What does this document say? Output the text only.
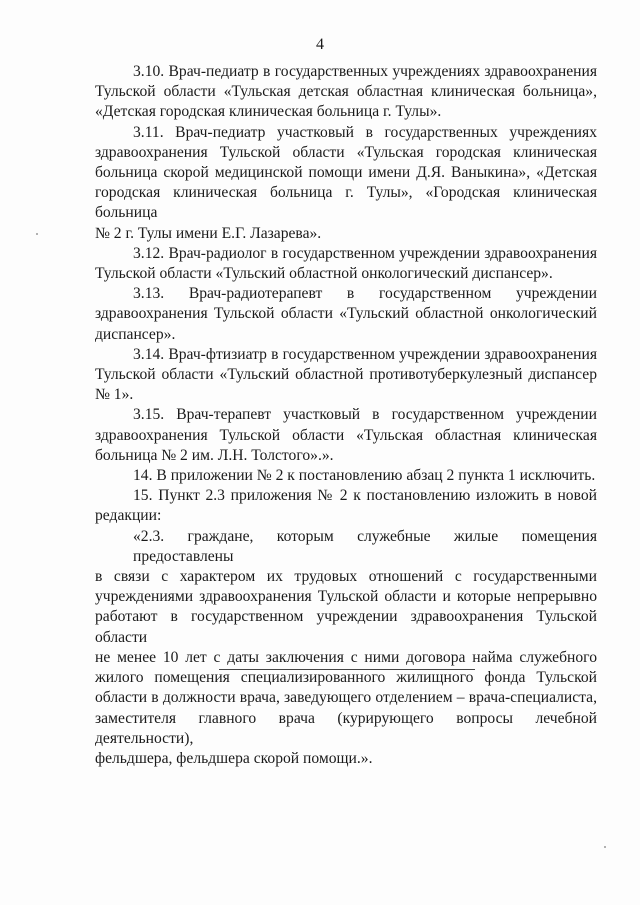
4
3.10. Врач-педиатр в государственных учреждениях здравоохранения
Тульской области «Тульская детская областная клиническая больница»,
«Детская городская клиническая больница г. Тулы».
3.11. Врач-педиатр участковый в государственных учреждениях
здравоохранения Тульской области «Тульская городская клиническая
больница скорой медицинской помощи имени Д.Я. Ваныкина», «Детская
городская клиническая больница г. Тулы», «Городская клиническая больница
№ 2 г. Тулы имени Е.Г. Лазарева».
3.12. Врач-радиолог в государственном учреждении здравоохранения
Тульской области «Тульский областной онкологический диспансер».
3.13. Врач-радиотерапевт в государственном учреждении
здравоохранения Тульской области «Тульский областной онкологический
диспансер».
3.14. Врач-фтизиатр в государственном учреждении здравоохранения
Тульской области «Тульский областной противотуберкулезный диспансер
№ 1».
3.15. Врач-терапевт участковый в государственном учреждении
здравоохранения Тульской области «Тульская областная клиническая
больница № 2 им. Л.Н. Толстого».».
14. В приложении № 2 к постановлению абзац 2 пункта 1 исключить.
15. Пункт 2.3 приложения № 2 к постановлению изложить в новой
редакции:
«2.3. граждане, которым служебные жилые помещения предоставлены
в связи с характером их трудовых отношений с государственными
учреждениями здравоохранения Тульской области и которые непрерывно
работают в государственном учреждении здравоохранения Тульской области
не менее 10 лет с даты заключения с ними договора найма служебного
жилого помещения специализированного жилищного фонда Тульской
области в должности врача, заведующего отделением – врача-специалиста,
заместителя главного врача (курирующего вопросы лечебной деятельности),
фельдшера, фельдшера скорой помощи.».
